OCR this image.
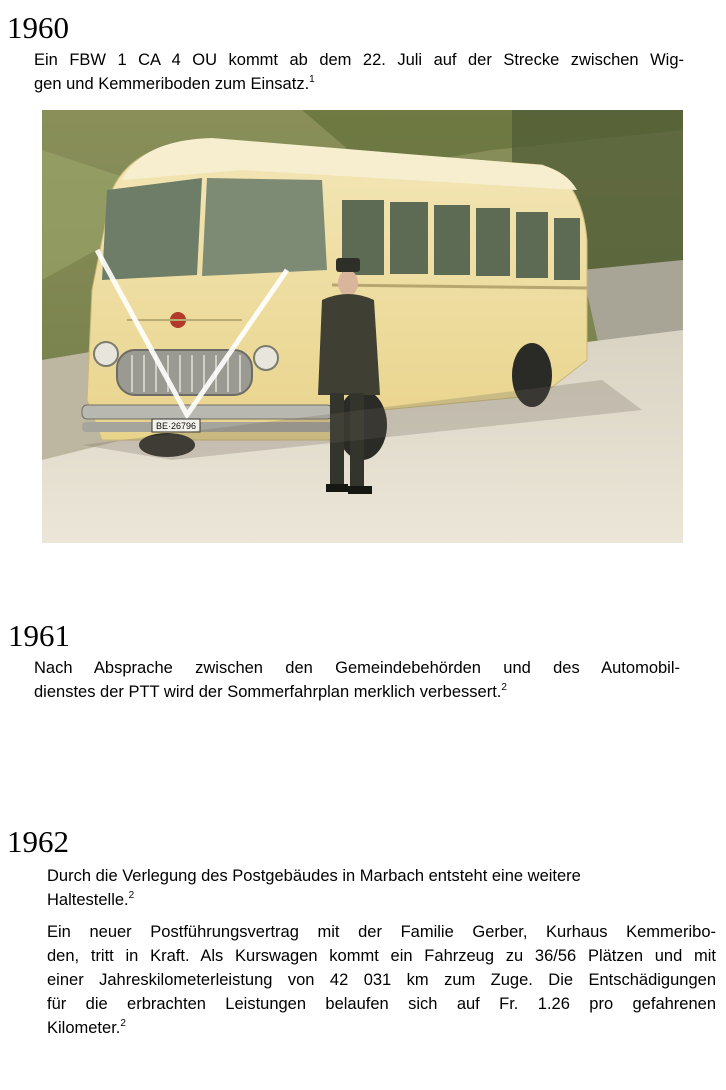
1960
Ein FBW 1 CA 4 OU kommt ab dem 22. Juli auf der Strecke zwischen Wig-
gen und Kemmeriboden zum Einsatz.$^1$
BE·26796
1961
Nach Absprache zwischen den Gemeindebehörden und des Automobil-
dienstes der PTT wird der Sommerfahrplan merklich verbessert.$^2$
1962
Durch die Verlegung des Postgebäudes in Marbach entsteht eine weitere
Haltestelle.$^2$
Ein neuer Postführungsvertrag mit der Familie Gerber, Kurhaus Kemmeribo-
den, tritt in Kraft. Als Kurswagen kommt ein Fahrzeug zu 36/56 Plätzen und mit
einer Jahreskilometerleistung von 42 031 km zum Zuge. Die Entschädigungen
für die erbrachten Leistungen belaufen sich auf Fr. 1.26 pro gefahrenen
Kilometer.$^2$
